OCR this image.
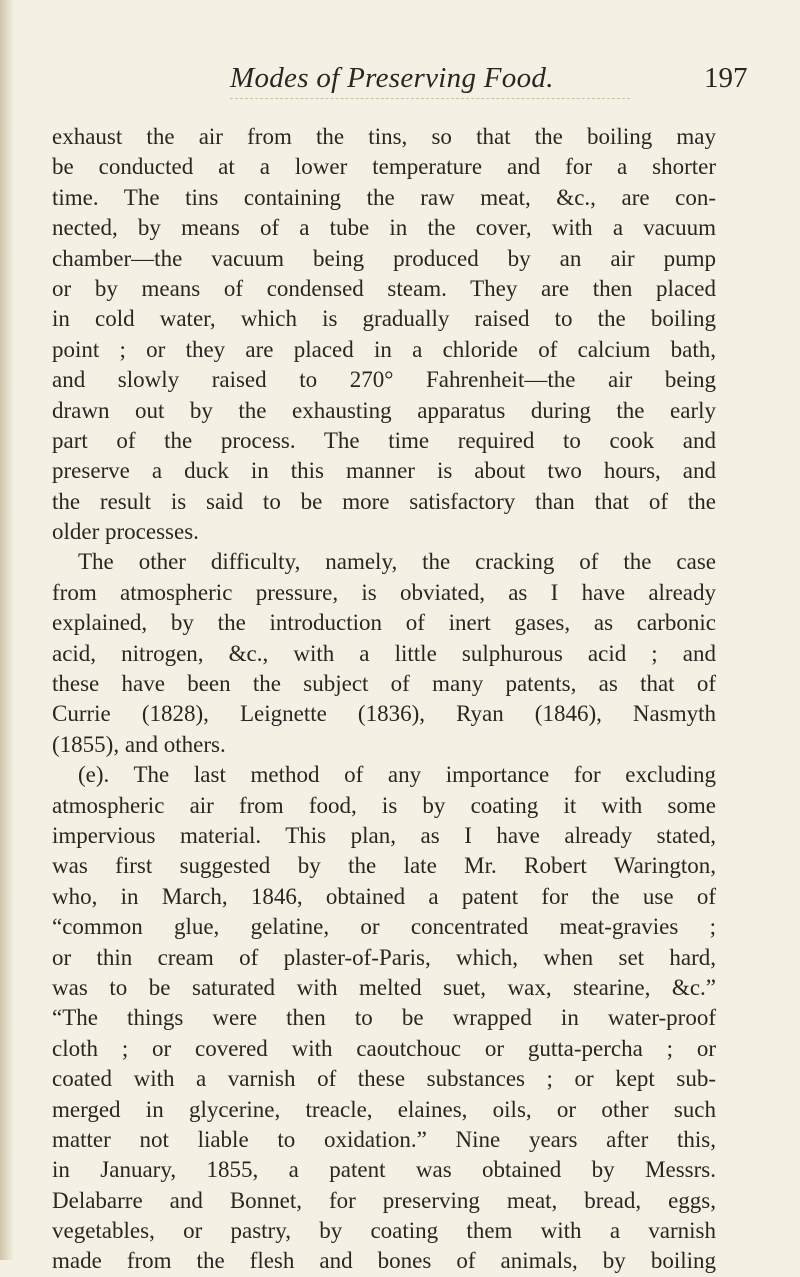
Modes of Preserving Food.	197
exhaust the air from the tins, so that the boiling may
be conducted at a lower temperature and for a shorter
time. The tins containing the raw meat, &c., are con-
nected, by means of a tube in the cover, with a vacuum
chamber—the vacuum being produced by an air pump
or by means of condensed steam. They are then placed
in cold water, which is gradually raised to the boiling
point ; or they are placed in a chloride of calcium bath,
and slowly raised to 270° Fahrenheit—the air being
drawn out by the exhausting apparatus during the early
part of the process. The time required to cook and
preserve a duck in this manner is about two hours, and
the result is said to be more satisfactory than that of the
older processes.
The other difficulty, namely, the cracking of the case
from atmospheric pressure, is obviated, as I have already
explained, by the introduction of inert gases, as carbonic
acid, nitrogen, &c., with a little sulphurous acid ; and
these have been the subject of many patents, as that of
Currie (1828), Leignette (1836), Ryan (1846), Nasmyth
(1855), and others.
(e). The last method of any importance for excluding
atmospheric air from food, is by coating it with some
impervious material. This plan, as I have already stated,
was first suggested by the late Mr. Robert Warington,
who, in March, 1846, obtained a patent for the use of
“common glue, gelatine, or concentrated meat-gravies ;
or thin cream of plaster-of-Paris, which, when set hard,
was to be saturated with melted suet, wax, stearine, &c.”
“The things were then to be wrapped in water-proof
cloth ; or covered with caoutchouc or gutta-percha ; or
coated with a varnish of these substances ; or kept sub-
merged in glycerine, treacle, elaines, oils, or other such
matter not liable to oxidation.” Nine years after this,
in January, 1855, a patent was obtained by Messrs.
Delabarre and Bonnet, for preserving meat, bread, eggs,
vegetables, or pastry, by coating them with a varnish
made from the flesh and bones of animals, by boiling
